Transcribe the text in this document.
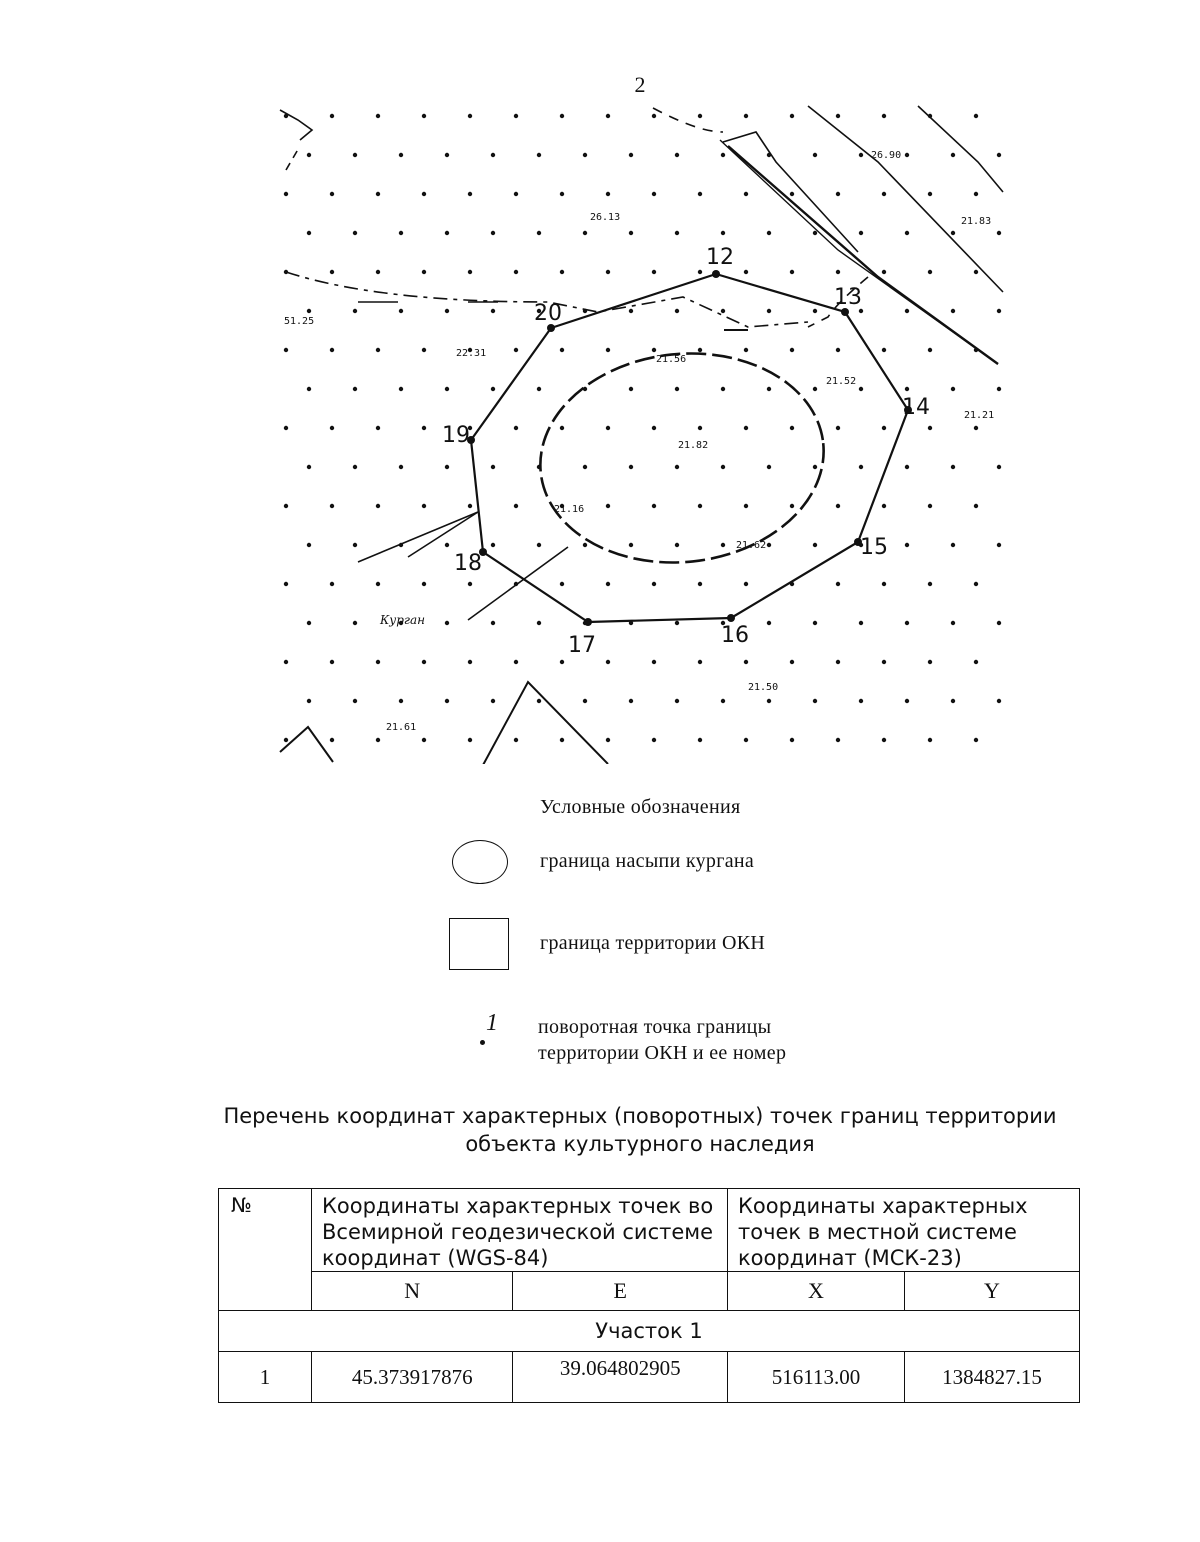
2
26.90
21.83
26.13
51.25
22.31
21.56
21.52
21.21
21.82
21.16
21.62
21.50
21.61
12
13
14
15
16
17
18
19
20
Курган
Условные обозначения
граница насыпи кургана
граница территории ОКН
1 поворотная точка границы
территории ОКН и ее номер
Перечень координат характерных (поворотных) точек границ территории
объекта культурного наследия
№	Координаты характерных точек во Всемирной геодезической системе координат (WGS-84)		Координаты характерных точек в местной системе координат (МСК-23)	
	N	E	X	Y
Участок 1				
1	45.373917876	39.064802905	516113.00	1384827.15
